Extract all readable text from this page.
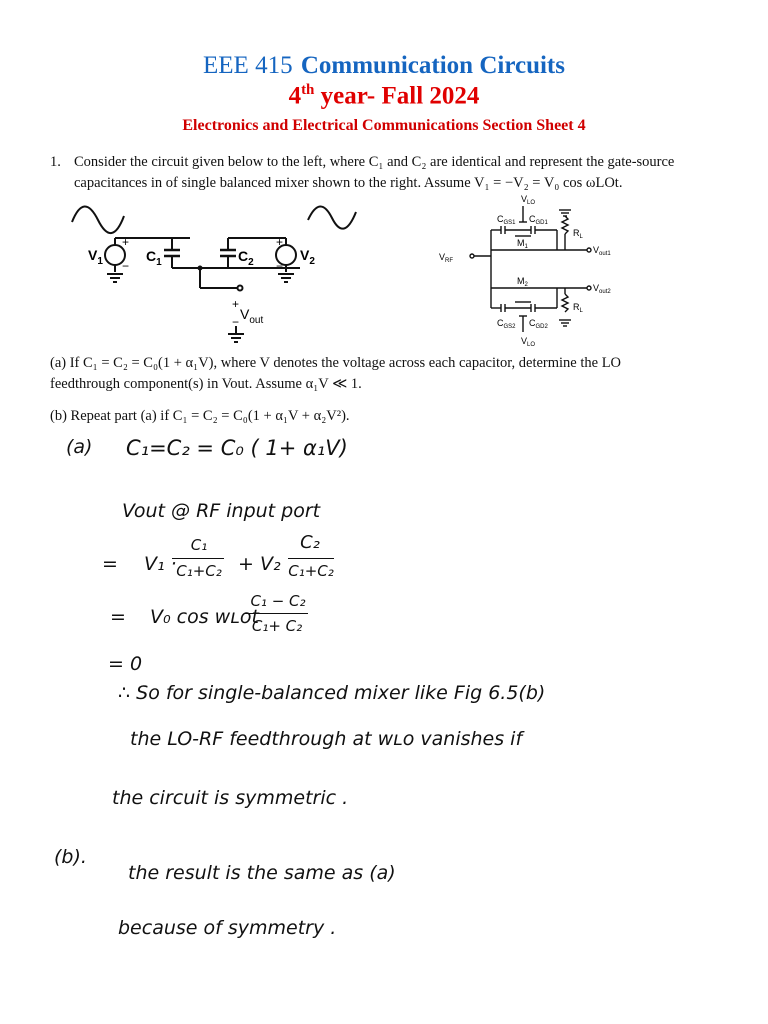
EEE 415 Communication Circuits
4th year- Fall 2024
Electronics and Electrical Communications Section Sheet 4
1. Consider the circuit given below to the left, where C₁ and C₂ are identical and represent the gate-source
capacitances in of single balanced mixer shown to the right. Assume V₁ = −V₂ = V₀ cos ωLOt.
$V_1$
+
−
$C_1$	$C_2$
+
−
$V_2$
+
$V_{out}$
−
$V_{LO}$
$C_{GS1}$ $C_{GD1}$
$R_L$
$M_1$	$V_{out1}$
$V_{RF}$
$M_2$	$V_{out2}$
$R_L$
$C_{GS2}$ $C_{GD2}$
$V_{LO}$
(a) If C₁ = C₂ = C₀(1 + α₁V), where V denotes the voltage across each capacitor, determine the LO
feedthrough component(s) in Vout. Assume α₁V ≪ 1.
(b) Repeat part (a) if C₁ = C₂ = C₀(1 + α₁V + α₂V²).
(a) C₁=C₂ = C₀ ( 1+ α₁V)
Vout @ RF input port
= V₁ ·
C₁
C₁+C₂ + V₂
C₂
C₁+C₂
= V₀ cos wʟot
C₁ − C₂
C₁+ C₂
= 0
∴ So for single-balanced mixer like Fig 6.5(b)
the LO-RF feedthrough at wʟo vanishes if
the circuit is symmetric .
(b).
the result is the same as (a)
because of symmetry .
